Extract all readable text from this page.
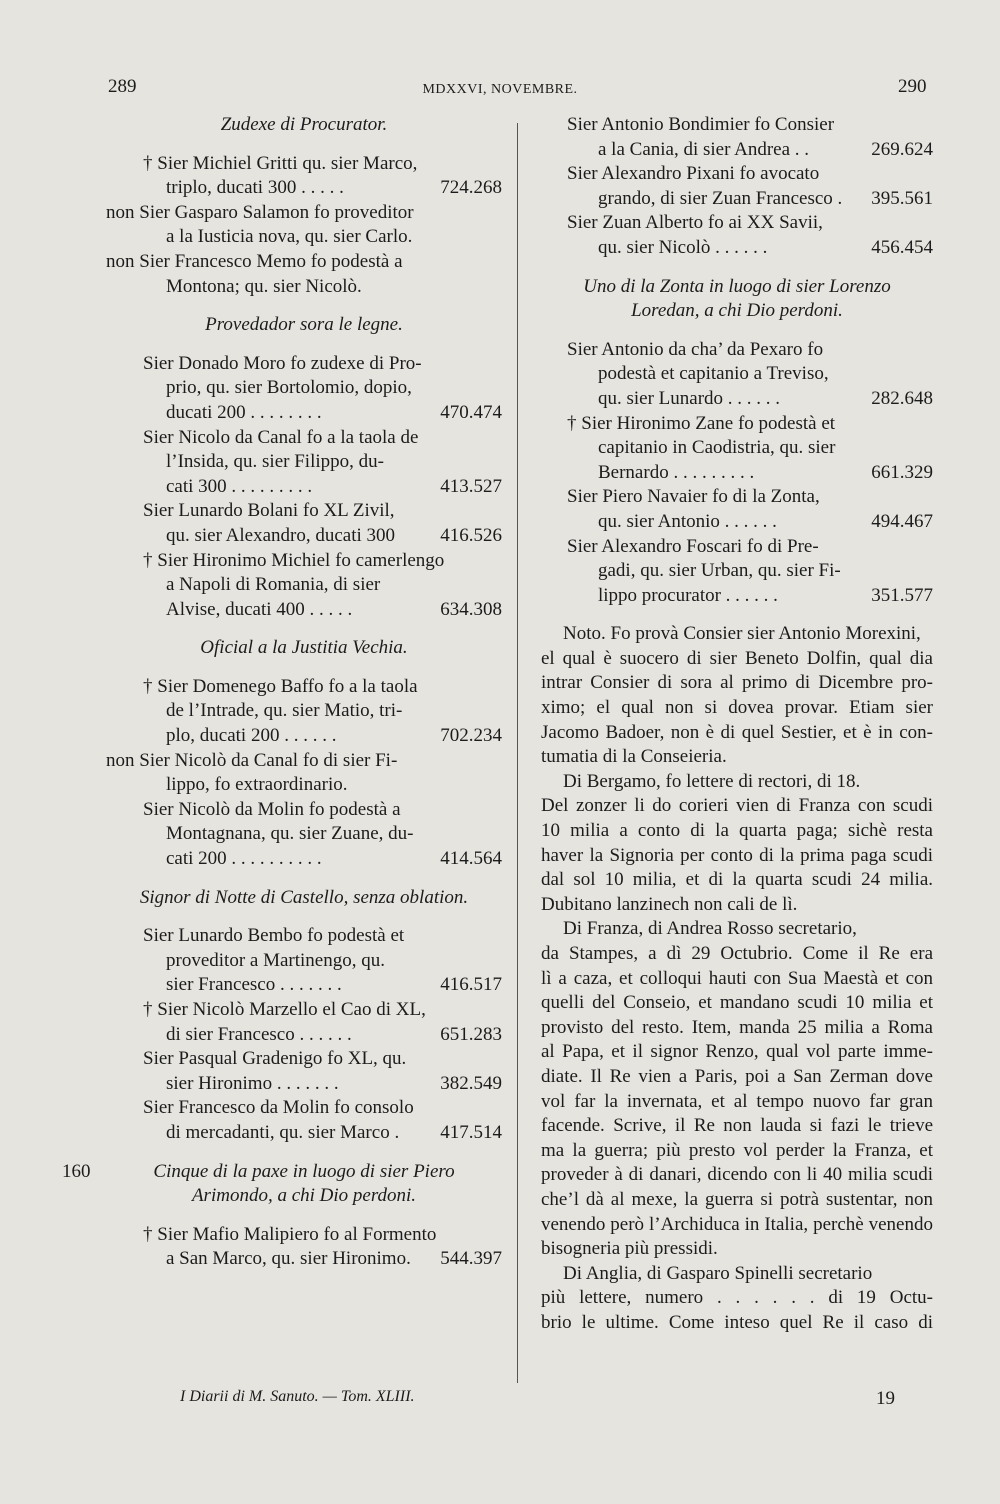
289	MDXXVI, NOVEMBRE.	290
Zudexe di Procurator.
† Sier Michiel Gritti qu. sier Marco,
triplo, ducati 300 . . . . .	724.268
non Sier Gasparo Salamon fo proveditor
a la Iusticia nova, qu. sier Carlo.
non Sier Francesco Memo fo podestà a
Montona; qu. sier Nicolò.
Provedador sora le legne.
Sier Donado Moro fo zudexe di Pro-
prio, qu. sier Bortolomio, dopio,
ducati 200 . . . . . . . .	470.474
Sier Nicolo da Canal fo a la taola de
l’Insida, qu. sier Filippo, du-
cati 300 . . . . . . . . .	413.527
Sier Lunardo Bolani fo XL Zivil,
qu. sier Alexandro, ducati 300 416.526
† Sier Hironimo Michiel fo camerlengo
a Napoli di Romania, di sier
Alvise, ducati 400 . . . . .	634.308
Oficial a la Justitia Vechia.
† Sier Domenego Baffo fo a la taola
de l’Intrade, qu. sier Matio, tri-
plo, ducati 200 . . . . . .	702.234
non Sier Nicolò da Canal fo di sier Fi-
lippo, fo extraordinario.
Sier Nicolò da Molin fo podestà a
Montagnana, qu. sier Zuane, du-
cati 200 . . . . . . . . . .	414.564
Signor di Notte di Castello, senza oblation.
Sier Lunardo Bembo fo podestà et
proveditor a Martinengo, qu.
sier Francesco . . . . . . .	416.517
† Sier Nicolò Marzello el Cao di XL,
di sier Francesco . . . . . .	651.283
Sier Pasqual Gradenigo fo XL, qu.
sier Hironimo . . . . . . .	382.549
Sier Francesco da Molin fo consolo
di mercadanti, qu. sier Marco . 417.514
Cinque di la paxe in luogo di sier Piero
Arimondo, a chi Dio perdoni.
† Sier Mafio Malipiero fo al Formento
a San Marco, qu. sier Hironimo. 544.397
Sier Antonio Bondimier fo Consier
a la Cania, di sier Andrea . .	269.624
Sier Alexandro Pixani fo avocato
grando, di sier Zuan Francesco . 395.561
Sier Zuan Alberto fo ai XX Savii,
qu. sier Nicolò . . . . . .	456.454
Uno di la Zonta in luogo di sier Lorenzo
Loredan, a chi Dio perdoni.
Sier Antonio da cha’ da Pexaro fo
podestà et capitanio a Treviso,
qu. sier Lunardo . . . . . .	282.648
† Sier Hironimo Zane fo podestà et
capitanio in Caodistria, qu. sier
Bernardo . . . . . . . . .	661.329
Sier Piero Navaier fo di la Zonta,
qu. sier Antonio . . . . . .	494.467
Sier Alexandro Foscari fo di Pre-
gadi, qu. sier Urban, qu. sier Fi-
lippo procurator . . . . . .	351.577
Noto. Fo provà Consier sier Antonio Morexini,
el qual è suocero di sier Beneto Dolfin, qual dia
intrar Consier di sora al primo di Dicembre pro-
ximo; el qual non si dovea provar. Etiam sier
Jacomo Badoer, non è di quel Sestier, et è in con-
tumatia di la Conseieria.
Di Bergamo, fo lettere di rectori, di 18.
Del zonzer li do corieri vien di Franza con scudi
10 milia a conto di la quarta paga; sichè resta
haver la Signoria per conto di la prima paga scudi
dal sol 10 milia, et di la quarta scudi 24 milia.
Dubitano lanzinech non cali de lì.
Di Franza, di Andrea Rosso secretario,
da Stampes, a dì 29 Octubrio. Come il Re era
lì a caza, et colloqui hauti con Sua Maestà et con
quelli del Conseio, et mandano scudi 10 milia et
provisto del resto. Item, manda 25 milia a Roma
al Papa, et il signor Renzo, qual vol parte imme-
diate. Il Re vien a Paris, poi a San Zerman dove
vol far la invernata, et al tempo nuovo far gran
facende. Scrive, il Re non lauda si fazi le trieve
ma la guerra; più presto vol perder la Franza, et
proveder à di danari, dicendo con li 40 milia scudi
che’l dà al mexe, la guerra si potrà sustentar, non
venendo però l’Archiduca in Italia, perchè venendo
bisogneria più pressidi.
Di Anglia, di Gasparo Spinelli secretario
più lettere, numero . . . . . . di 19 Octu-
brio le ultime. Come inteso quel Re il caso di
160
I Diarii di M. Sanuto. — Tom. XLIII.	19
